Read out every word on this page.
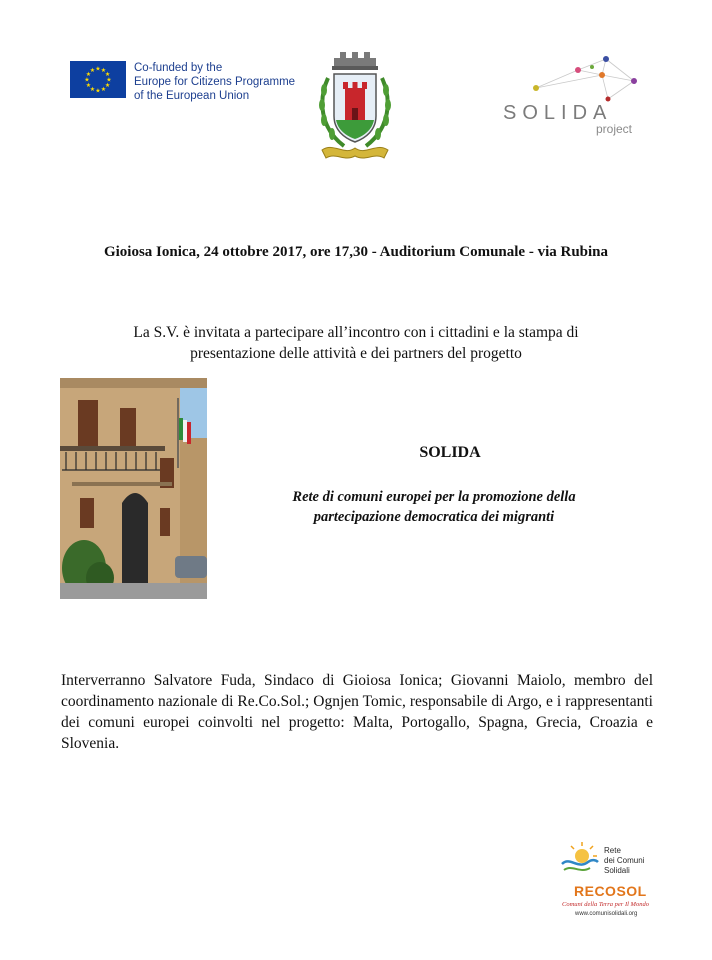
★ ★
★
★
★
★
★
★
★
★
★
★	Co-funded by the
Europe for Citizens Programme
of the European Union
SOLIDA
project
Gioiosa Ionica, 24 ottobre 2017, ore 17,30 - Auditorium Comunale - via Rubina
La S.V. è invitata a partecipare all’incontro con i cittadini e la stampa di
presentazione delle attività e dei partners del progetto
SOLIDA
Rete di comuni europei per la promozione della
partecipazione democratica dei migranti
Interverranno Salvatore Fuda, Sindaco di Gioiosa Ionica; Giovanni Maiolo, membro del coordinamento nazionale di Re.Co.Sol.; Ognjen Tomic, responsabile di Argo, e i rappresentanti dei comuni europei coinvolti nel progetto: Malta, Portogallo, Spagna, Grecia, Croazia e Slovenia.
Rete
dei Comuni
Solidali
RECOSOL
Comuni della Terra per Il Mondo
www.comunisolidali.org
